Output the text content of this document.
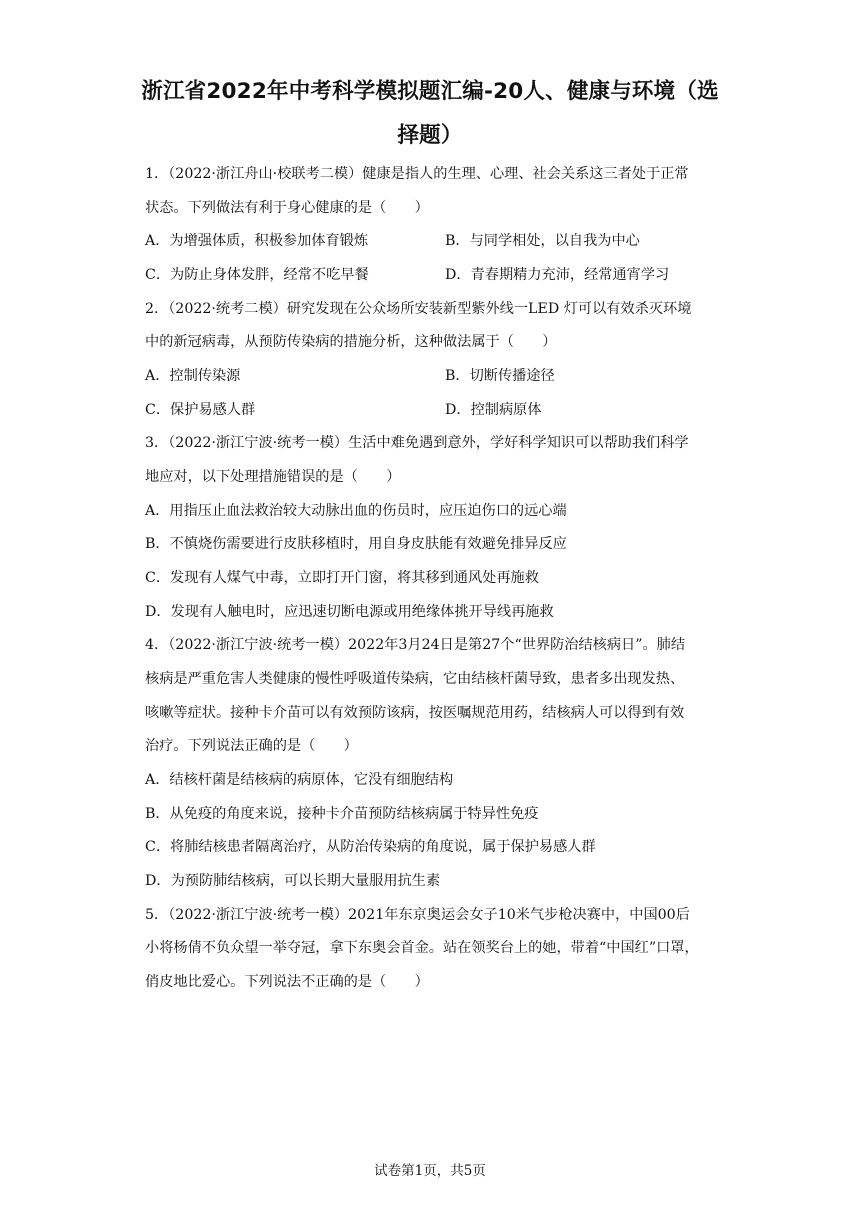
浙江省2022年中考科学模拟题汇编-20人、健康与环境（选
择题）
1．（2022·浙江舟山·校联考二模）健康是指人的生理、心理、社会关系这三者处于正常
状态。下列做法有利于身心健康的是（　　）
A．为增强体质，积极参加体育锻炼	B．与同学相处，以自我为中心
C．为防止身体发胖，经常不吃早餐	D．青春期精力充沛，经常通宵学习
2．（2022·统考二模）研究发现在公众场所安装新型紫外线一LED 灯可以有效杀灭环境
中的新冠病毒，从预防传染病的措施分析，这种做法属于（　　）
A．控制传染源	B．切断传播途径
C．保护易感人群	D．控制病原体
3．（2022·浙江宁波·统考一模）生活中难免遇到意外，学好科学知识可以帮助我们科学
地应对，以下处理措施错误的是（　　）
A．用指压止血法救治较大动脉出血的伤员时，应压迫伤口的远心端
B．不慎烧伤需要进行皮肤移植时，用自身皮肤能有效避免排异反应
C．发现有人煤气中毒，立即打开门窗，将其移到通风处再施救
D．发现有人触电时，应迅速切断电源或用绝缘体挑开导线再施救
4．（2022·浙江宁波·统考一模）2022年3月24日是第27个“世界防治结核病日”。肺结
核病是严重危害人类健康的慢性呼吸道传染病，它由结核杆菌导致，患者多出现发热、
咳嗽等症状。接种卡介苗可以有效预防该病，按医嘱规范用药，结核病人可以得到有效
治疗。下列说法正确的是（　　）
A．结核杆菌是结核病的病原体，它没有细胞结构
B．从免疫的角度来说，接种卡介苗预防结核病属于特异性免疫
C．将肺结核患者隔离治疗，从防治传染病的角度说，属于保护易感人群
D．为预防肺结核病，可以长期大量服用抗生素
5．（2022·浙江宁波·统考一模）2021年东京奥运会女子10米气步枪决赛中，中国00后
小将杨倩不负众望一举夺冠，拿下东奥会首金。站在领奖台上的她，带着“中国红”口罩，
俏皮地比爱心。下列说法不正确的是（　　）
试卷第1页，共5页
